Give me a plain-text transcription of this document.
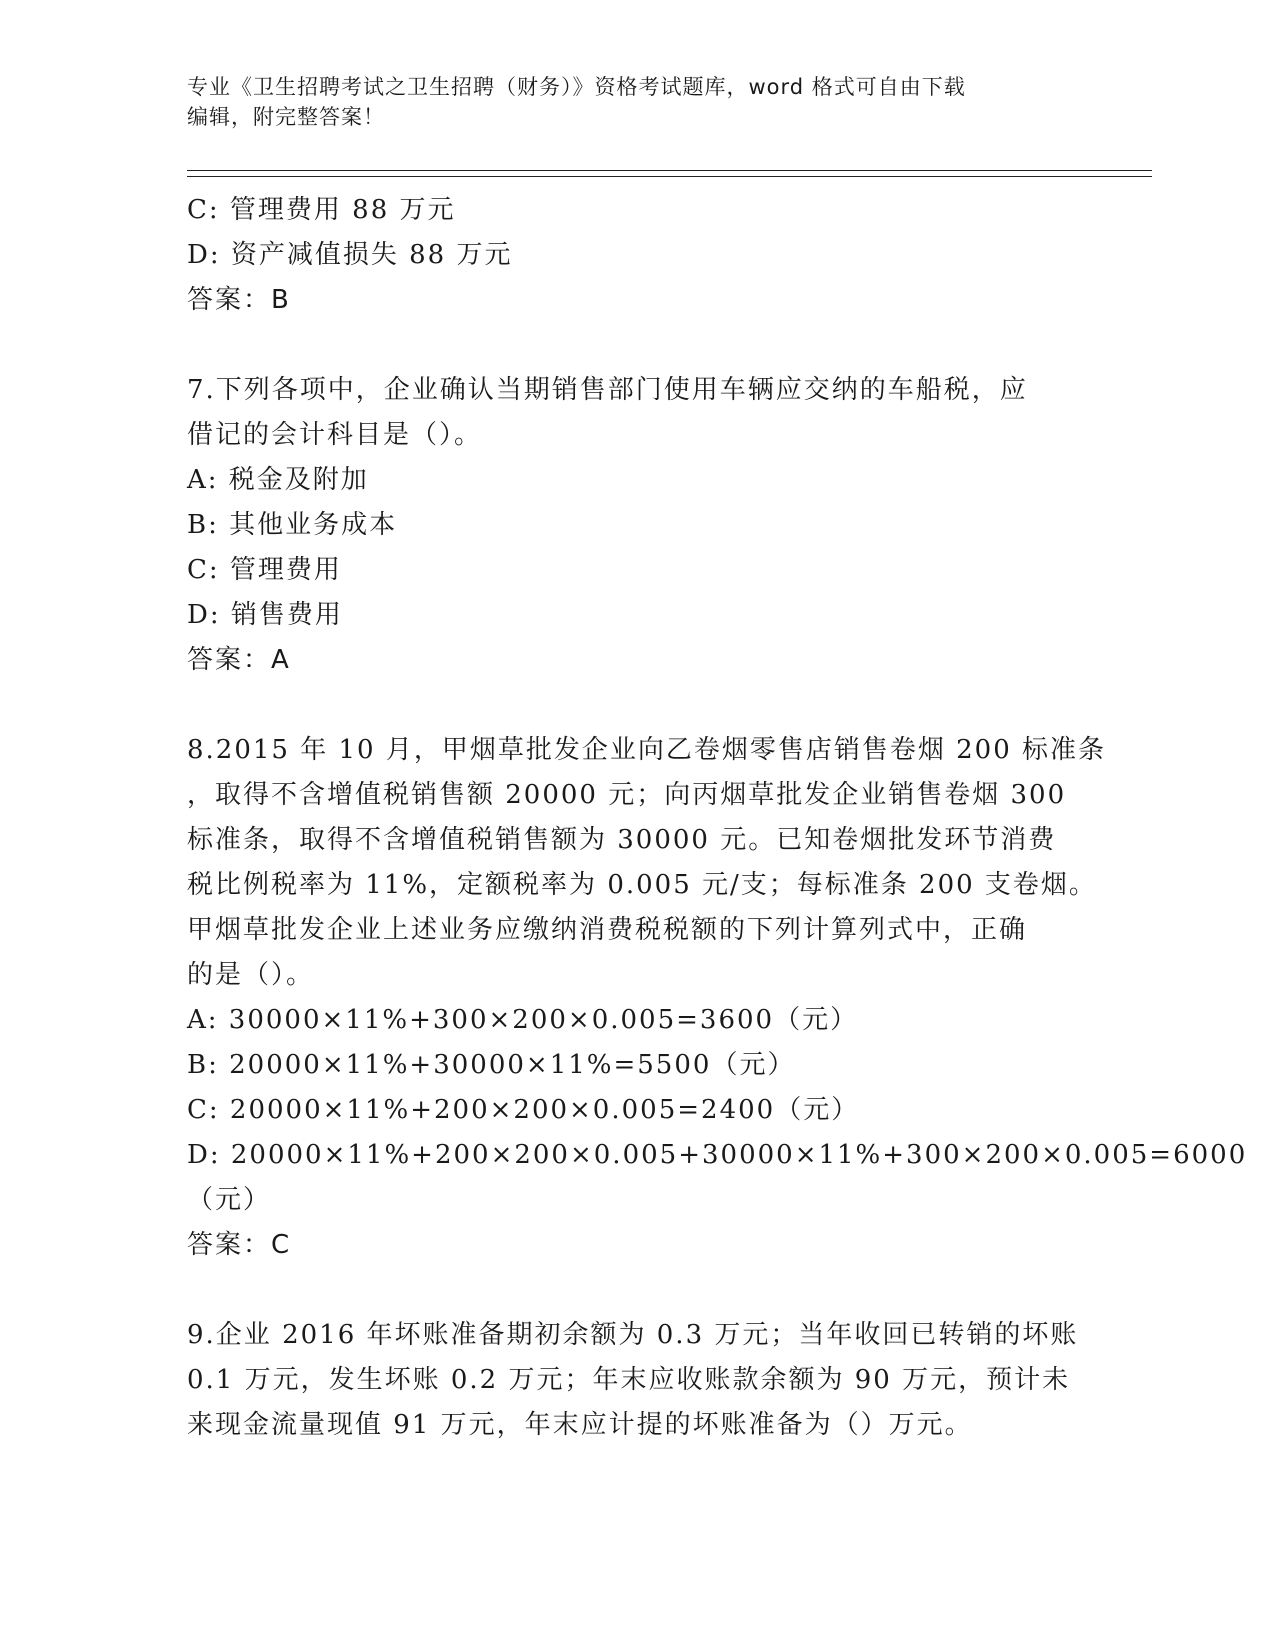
专业《卫生招聘考试之卫生招聘（财务）》资格考试题库，word 格式可自由下载
编辑，附完整答案！
C: 管理费用 88 万元
D: 资产减值损失 88 万元
答案：B
7.下列各项中，企业确认当期销售部门使用车辆应交纳的车船税，应
借记的会计科目是（）。
A: 税金及附加
B: 其他业务成本
C: 管理费用
D: 销售费用
答案：A
8.2015 年 10 月，甲烟草批发企业向乙卷烟零售店销售卷烟 200 标准条
，取得不含增值税销售额 20000 元；向丙烟草批发企业销售卷烟 300
标准条，取得不含增值税销售额为 30000 元。已知卷烟批发环节消费
税比例税率为 11%，定额税率为 0.005 元/支；每标准条 200 支卷烟。
甲烟草批发企业上述业务应缴纳消费税税额的下列计算列式中，正确
的是（）。
A: 30000×11%+300×200×0.005=3600（元）
B: 20000×11%+30000×11%=5500（元）
C: 20000×11%+200×200×0.005=2400（元）
D: 20000×11%+200×200×0.005+30000×11%+300×200×0.005=6000
（元）
答案：C
9.企业 2016 年坏账准备期初余额为 0.3 万元；当年收回已转销的坏账
0.1 万元，发生坏账 0.2 万元；年末应收账款余额为 90 万元，预计未
来现金流量现值 91 万元，年末应计提的坏账准备为（）万元。
